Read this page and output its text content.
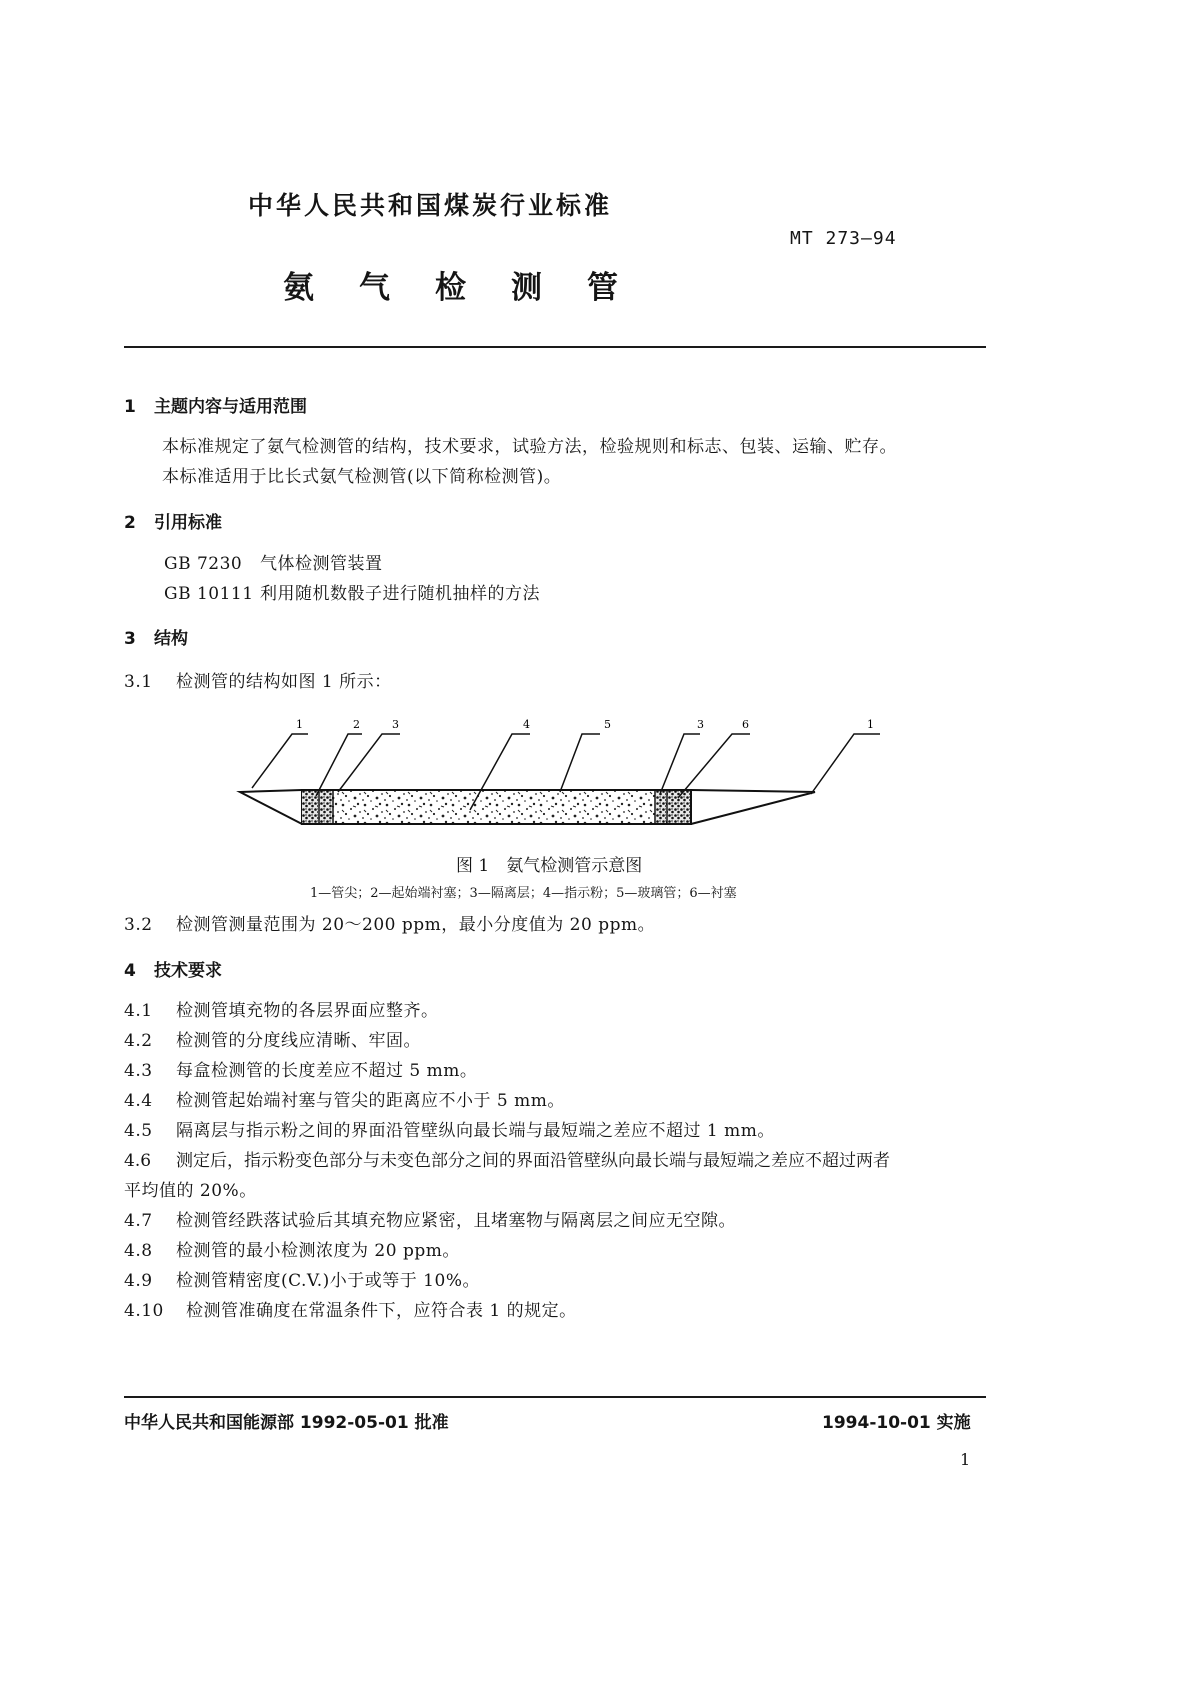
中华人民共和国煤炭行业标准
MT 273—94
氨　气　检　测　管
1 主题内容与适用范围
本标准规定了氨气检测管的结构，技术要求，试验方法，检验规则和标志、包装、运输、贮存。
本标准适用于比长式氨气检测管(以下简称检测管)。
2 引用标准
GB 7230 气体检测管装置
GB 10111 利用随机数骰子进行随机抽样的方法
3 结构
3.1 检测管的结构如图 1 所示：
1	2	3	4	5	3	6	1
图 1　氨气检测管示意图
1—管尖；2—起始端衬塞；3—隔离层；4—指示粉；5—玻璃管；6—衬塞
3.2 检测管测量范围为 20～200 ppm，最小分度值为 20 ppm。
4 技术要求
4.1 检测管填充物的各层界面应整齐。
4.2 检测管的分度线应清晰、牢固。
4.3 每盒检测管的长度差应不超过 5 mm。
4.4 检测管起始端衬塞与管尖的距离应不小于 5 mm。
4.5 隔离层与指示粉之间的界面沿管壁纵向最长端与最短端之差应不超过 1 mm。
4.6 测定后，指示粉变色部分与未变色部分之间的界面沿管壁纵向最长端与最短端之差应不超过两者
平均值的 20%。
4.7 检测管经跌落试验后其填充物应紧密，且堵塞物与隔离层之间应无空隙。
4.8 检测管的最小检测浓度为 20 ppm。
4.9 检测管精密度(C.V.)小于或等于 10%。
4.10 检测管准确度在常温条件下，应符合表 1 的规定。
中华人民共和国能源部 1992-05-01 批准	1994-10-01 实施
1
